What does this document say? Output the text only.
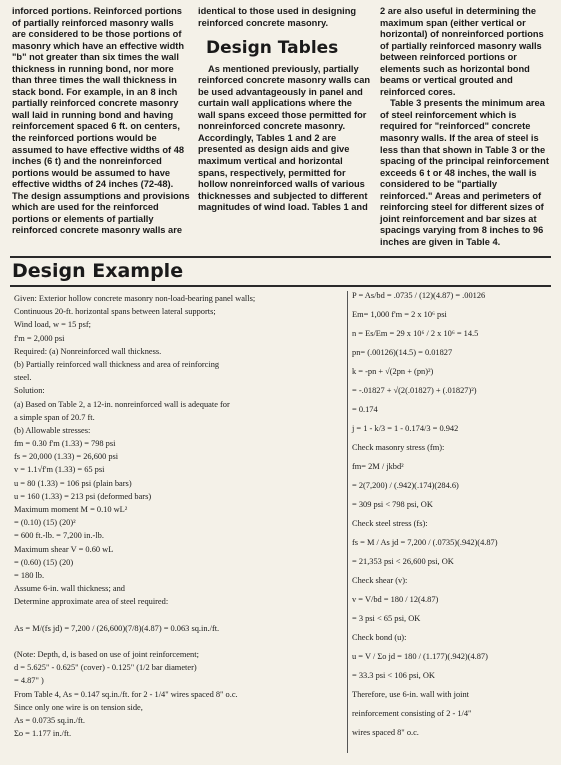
inforced portions. Reinforced portions of partially reinforced masonry walls are considered to be those portions of masonry which have an effective width "b" not greater than six times the wall thickness in running bond, nor more than three times the wall thickness in stack bond. For example, in an 8 inch partially reinforced concrete masonry wall laid in running bond and having reinforcement spaced 6 ft. on centers, the reinforced portions would be assumed to have effective widths of 48 inches (6 t) and the nonreinforced portions would be assumed to have effective widths of 24 inches (72-48). The design assumptions and provisions which are used for the reinforced portions or elements of partially reinforced concrete masonry walls are

identical to those used in designing reinforced concrete masonry.

Design Tables

As mentioned previously, partially reinforced concrete masonry walls can be used advantageously in panel and curtain wall applications where the wall spans exceed those permitted for nonreinforced concrete masonry. Accordingly, Tables 1 and 2 are presented as design aids and give maximum vertical and horizontal spans, respectively, permitted for hollow nonreinforced walls of various thicknesses and subjected to different magnitudes of wind load. Tables 1 and

2 are also useful in determining the maximum span (either vertical or horizontal) of nonreinforced portions of partially reinforced masonry walls between reinforced portions or elements such as horizontal bond beams or vertical grouted and reinforced cores.

Table 3 presents the minimum area of steel reinforcement which is required for "reinforced" concrete masonry walls. If the area of steel is less than that shown in Table 3 or the spacing of the principal reinforcement exceeds 6 t or 48 inches, the wall is considered to be "partially reinforced." Areas and perimeters of reinforcing steel for different sizes of joint reinforcement and bar sizes at spacings varying from 8 inches to 96 inches are given in Table 4.

Design Example
Given: Exterior hollow concrete masonry non-load-bearing panel walls;
Continuous 20-ft. horizontal spans between lateral supports;
Wind load, w = 15 psf;
f'm = 2,000 psi
Required: (a) Nonreinforced wall thickness.
(b) Partially reinforced wall thickness and area of reinforcing
steel.
Solution:
(a) Based on Table 2, a 12-in. nonreinforced wall is adequate for
a simple span of 20.7 ft.
(b) Allowable stresses:
fm = 0.30 f'm (1.33) = 798 psi
fs = 20,000 (1.33) = 26,600 psi
v = 1.1√f'm (1.33) = 65 psi
u = 80 (1.33) = 106 psi (plain bars)
u = 160 (1.33) = 213 psi (deformed bars)
Maximum moment M = 0.10 wL²
= (0.10) (15) (20)²
= 600 ft.-lb. = 7,200 in.-lb.
Maximum shear V = 0.60 wL
= (0.60) (15) (20)
= 180 lb.
Assume 6-in. wall thickness; and
Determine approximate area of steel required:
As = M/(fs jd) = 7,200 / (26,600)(7/8)(4.87) = 0.063 sq.in./ft.
(Note: Depth, d, is based on use of joint reinforcement;
d = 5.625" - 0.625" (cover) - 0.125" (1/2 bar diameter)
= 4.87" )
From Table 4, As = 0.147 sq.in./ft. for 2 - 1/4" wires spaced 8" o.c.
Since only one wire is on tension side,
As = 0.0735 sq.in./ft.
Σo = 1.177 in./ft.
P = As/bd = .0735 / (12)(4.87) = .00126
Em= 1,000 f'm = 2 x 10⁶ psi
n = Es/Em = 29 x 10⁶ / 2 x 10⁶ = 14.5
pn= (.00126)(14.5) = 0.01827
k = -pn + √(2pn + (pn)²)
= -.01827 + √(2(.01827) + (.01827)²)
= 0.174
j = 1 - k/3 = 1 - 0.174/3 = 0.942
Check masonry stress (fm):
fm= 2M / jkbd²
= 2(7,200) / (.942)(.174)(284.6)
= 309 psi < 798 psi, OK
Check steel stress (fs):
fs = M / As jd = 7,200 / (.0735)(.942)(4.87)
= 21,353 psi < 26,600 psi, OK
Check shear (v):
v = V/bd = 180 / 12(4.87)
= 3 psi < 65 psi, OK
Check bond (u):
u = V / Σo jd = 180 / (1.177)(.942)(4.87)
= 33.3 psi < 106 psi, OK
Therefore, use 6-in. wall with joint
reinforcement consisting of 2 - 1/4"
wires spaced 8" o.c.
